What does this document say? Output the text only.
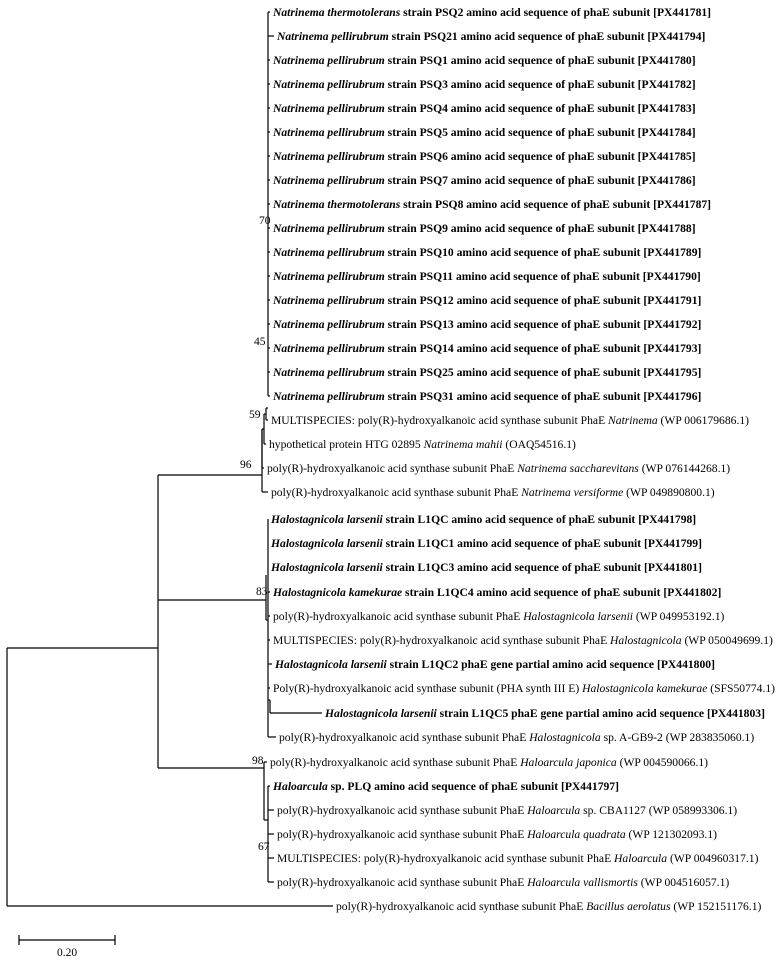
Natrinema thermotolerans strain PSQ2 amino acid sequence of phaE subunit [PX441781]
Natrinema pellirubrum strain PSQ21 amino acid sequence of phaE subunit [PX441794]
Natrinema pellirubrum strain PSQ1 amino acid sequence of phaE subunit [PX441780]
Natrinema pellirubrum strain PSQ3 amino acid sequence of phaE subunit [PX441782]
Natrinema pellirubrum strain PSQ4 amino acid sequence of phaE subunit [PX441783]
Natrinema pellirubrum strain PSQ5 amino acid sequence of phaE subunit [PX441784]
Natrinema pellirubrum strain PSQ6 amino acid sequence of phaE subunit [PX441785]
Natrinema pellirubrum strain PSQ7 amino acid sequence of phaE subunit [PX441786]
Natrinema thermotolerans strain PSQ8 amino acid sequence of phaE subunit [PX441787]
Natrinema pellirubrum strain PSQ9 amino acid sequence of phaE subunit [PX441788]
Natrinema pellirubrum strain PSQ10 amino acid sequence of phaE subunit [PX441789]
Natrinema pellirubrum strain PSQ11 amino acid sequence of phaE subunit [PX441790]
Natrinema pellirubrum strain PSQ12 amino acid sequence of phaE subunit [PX441791]
Natrinema pellirubrum strain PSQ13 amino acid sequence of phaE subunit [PX441792]
Natrinema pellirubrum strain PSQ14 amino acid sequence of phaE subunit [PX441793]
Natrinema pellirubrum strain PSQ25 amino acid sequence of phaE subunit [PX441795]
Natrinema pellirubrum strain PSQ31 amino acid sequence of phaE subunit [PX441796]
MULTISPECIES: poly(R)-hydroxyalkanoic acid synthase subunit PhaE Natrinema (WP 006179686.1)
hypothetical protein HTG 02895 Natrinema mahii (OAQ54516.1)
poly(R)-hydroxyalkanoic acid synthase subunit PhaE Natrinema saccharevitans (WP 076144268.1)
poly(R)-hydroxyalkanoic acid synthase subunit PhaE Natrinema versiforme (WP 049890800.1)
Halostagnicola larsenii strain L1QC amino acid sequence of phaE subunit [PX441798]
Halostagnicola larsenii strain L1QC1 amino acid sequence of phaE subunit [PX441799]
Halostagnicola larsenii strain L1QC3 amino acid sequence of phaE subunit [PX441801]
Halostagnicola kamekurae strain L1QC4 amino acid sequence of phaE subunit [PX441802]
poly(R)-hydroxyalkanoic acid synthase subunit PhaE Halostagnicola larsenii (WP 049953192.1)
MULTISPECIES: poly(R)-hydroxyalkanoic acid synthase subunit PhaE Halostagnicola (WP 050049699.1)
Halostagnicola larsenii strain L1QC2 phaE gene partial amino acid sequence [PX441800]
Poly(R)-hydroxyalkanoic acid synthase subunit (PHA synth III E) Halostagnicola kamekurae (SFS50774.1)
Halostagnicola larsenii strain L1QC5 phaE gene partial amino acid sequence [PX441803]
poly(R)-hydroxyalkanoic acid synthase subunit PhaE Halostagnicola sp. A-GB9-2 (WP 283835060.1)
poly(R)-hydroxyalkanoic acid synthase subunit PhaE Haloarcula japonica (WP 004590066.1)
Haloarcula sp. PLQ amino acid sequence of phaE subunit [PX441797]
poly(R)-hydroxyalkanoic acid synthase subunit PhaE Haloarcula sp. CBA1127 (WP 058993306.1)
poly(R)-hydroxyalkanoic acid synthase subunit PhaE Haloarcula quadrata (WP 121302093.1)
MULTISPECIES: poly(R)-hydroxyalkanoic acid synthase subunit PhaE Haloarcula (WP 004960317.1)
poly(R)-hydroxyalkanoic acid synthase subunit PhaE Haloarcula vallismortis (WP 004516057.1)
poly(R)-hydroxyalkanoic acid synthase subunit PhaE Bacillus aerolatus (WP 152151176.1)
70
45
59
96
83
98
67
0.20
